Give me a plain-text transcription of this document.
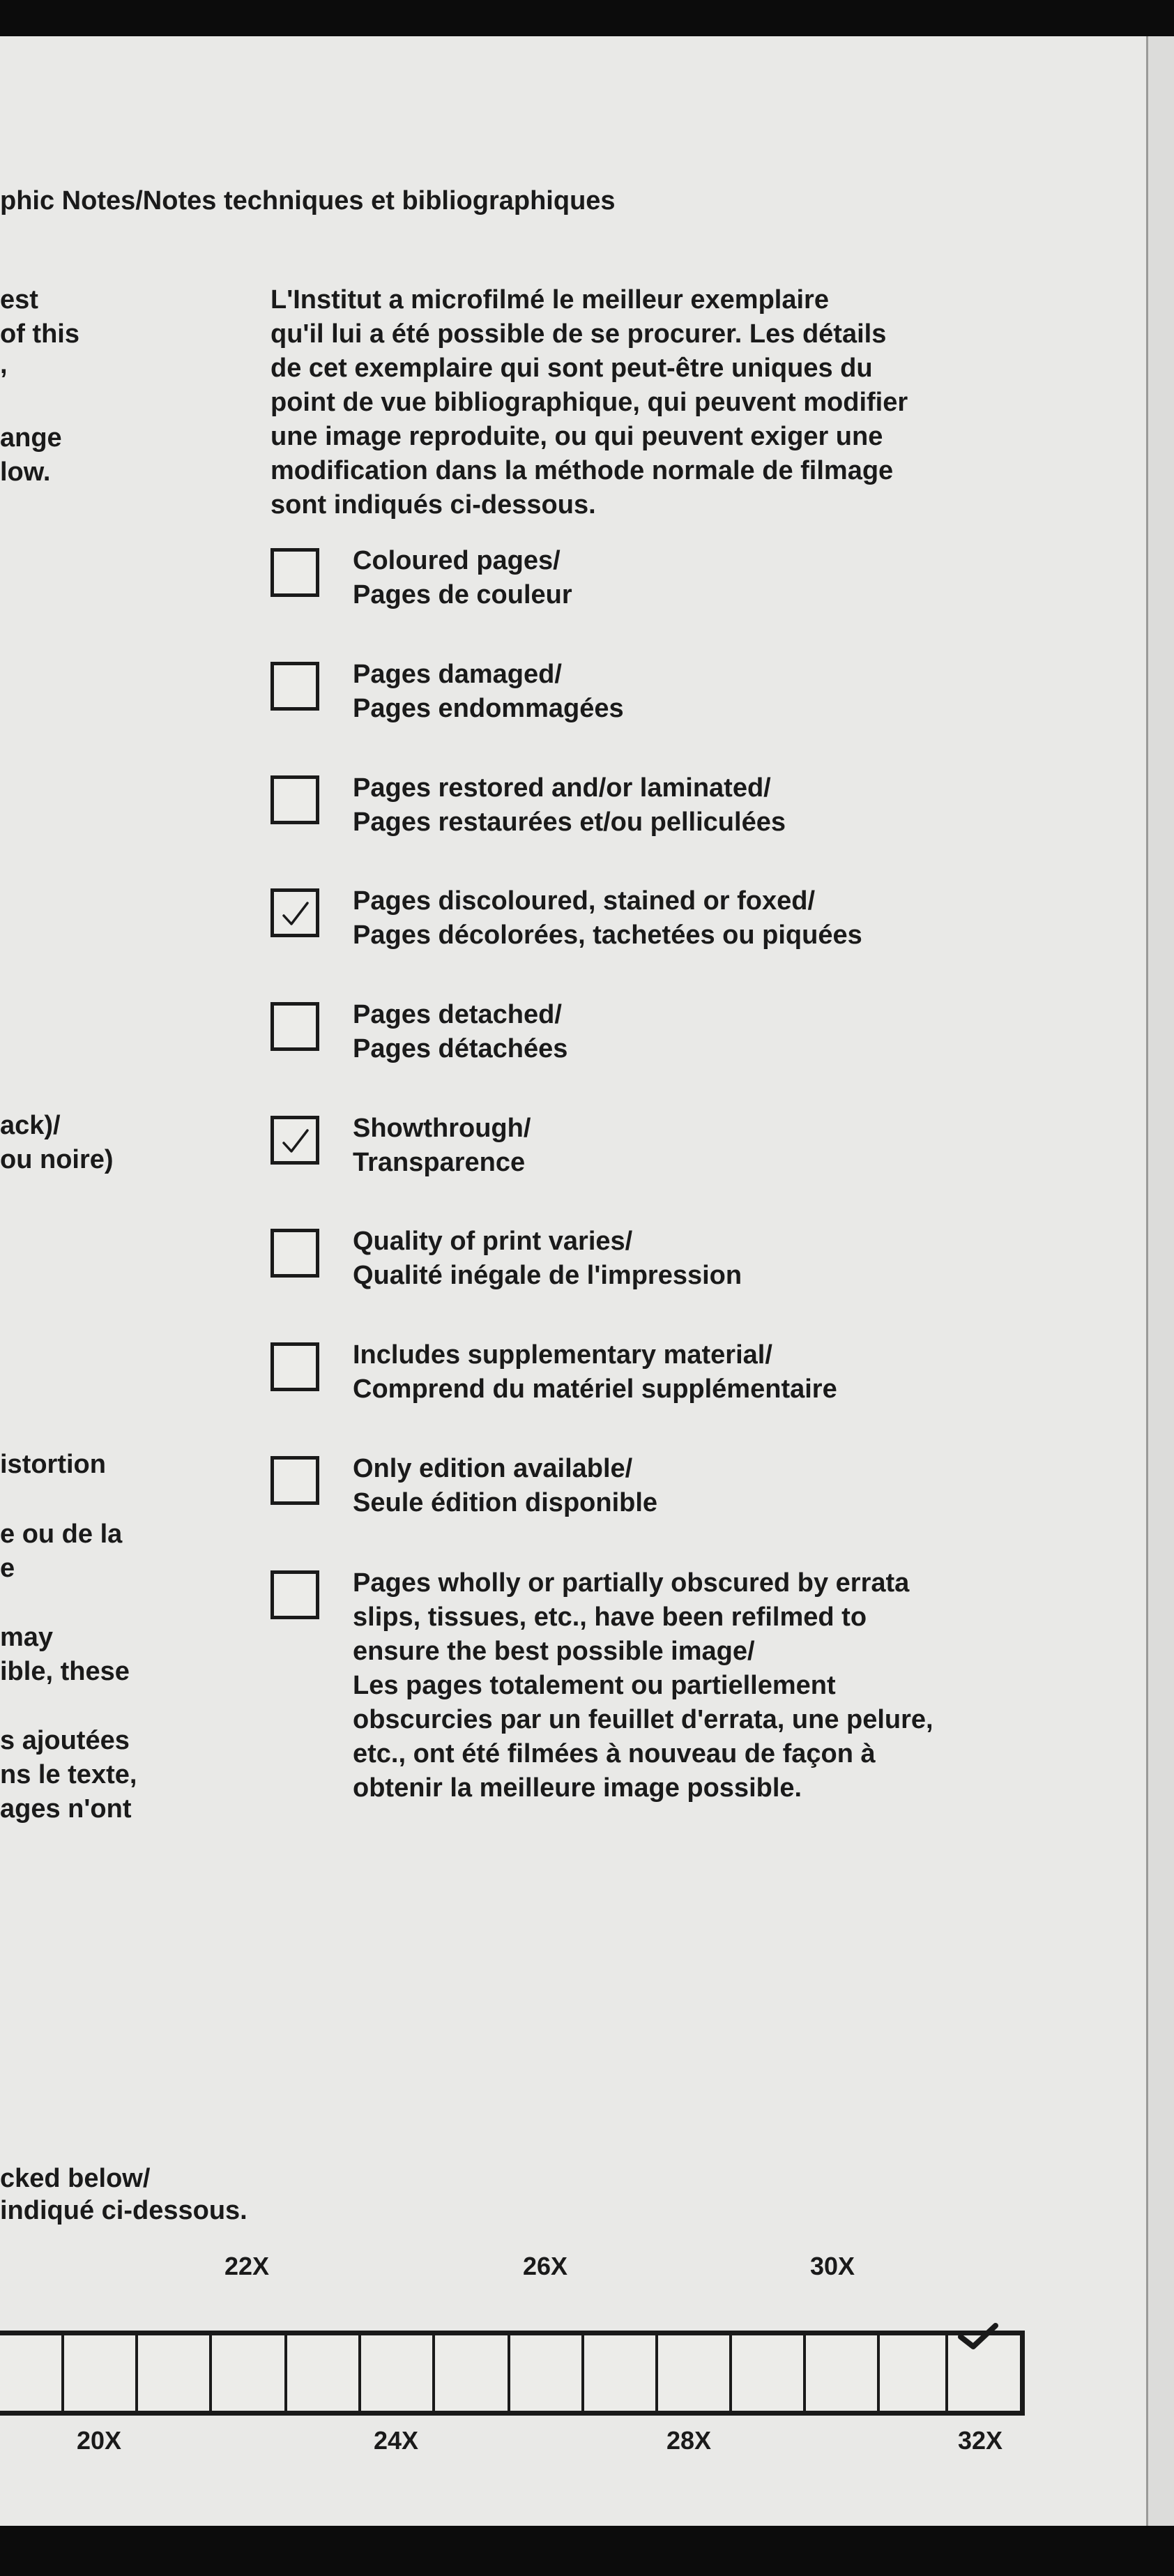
phic Notes/Notes techniques et bibliographiques
est
of this
,
ange
low.
ack)/
ou noire)
istortion
e ou de la
e
may
ible, these
s ajoutées
ns le texte,
ages n'ont
L'Institut a microfilmé le meilleur exemplaire
qu'il lui a été possible de se procurer. Les détails
de cet exemplaire qui sont peut-être uniques du
point de vue bibliographique, qui peuvent modifier
une image reproduite, ou qui peuvent exiger une
modification dans la méthode normale de filmage
sont indiqués ci-dessous.
Coloured pages/
Pages de couleur
Pages damaged/
Pages endommagées
Pages restored and/or laminated/
Pages restaurées et/ou pelliculées
Pages discoloured, stained or foxed/
Pages décolorées, tachetées ou piquées
Pages detached/
Pages détachées
Showthrough/
Transparence
Quality of print varies/
Qualité inégale de l'impression
Includes supplementary material/
Comprend du matériel supplémentaire
Only edition available/
Seule édition disponible
Pages wholly or partially obscured by errata
slips, tissues, etc., have been refilmed to
ensure the best possible image/
Les pages totalement ou partiellement
obscurcies par un feuillet d'errata, une pelure,
etc., ont été filmées à nouveau de façon à
obtenir la meilleure image possible.
cked below/
indiqué ci-dessous.
22X	26X	30X
20X	24X	28X	32X
